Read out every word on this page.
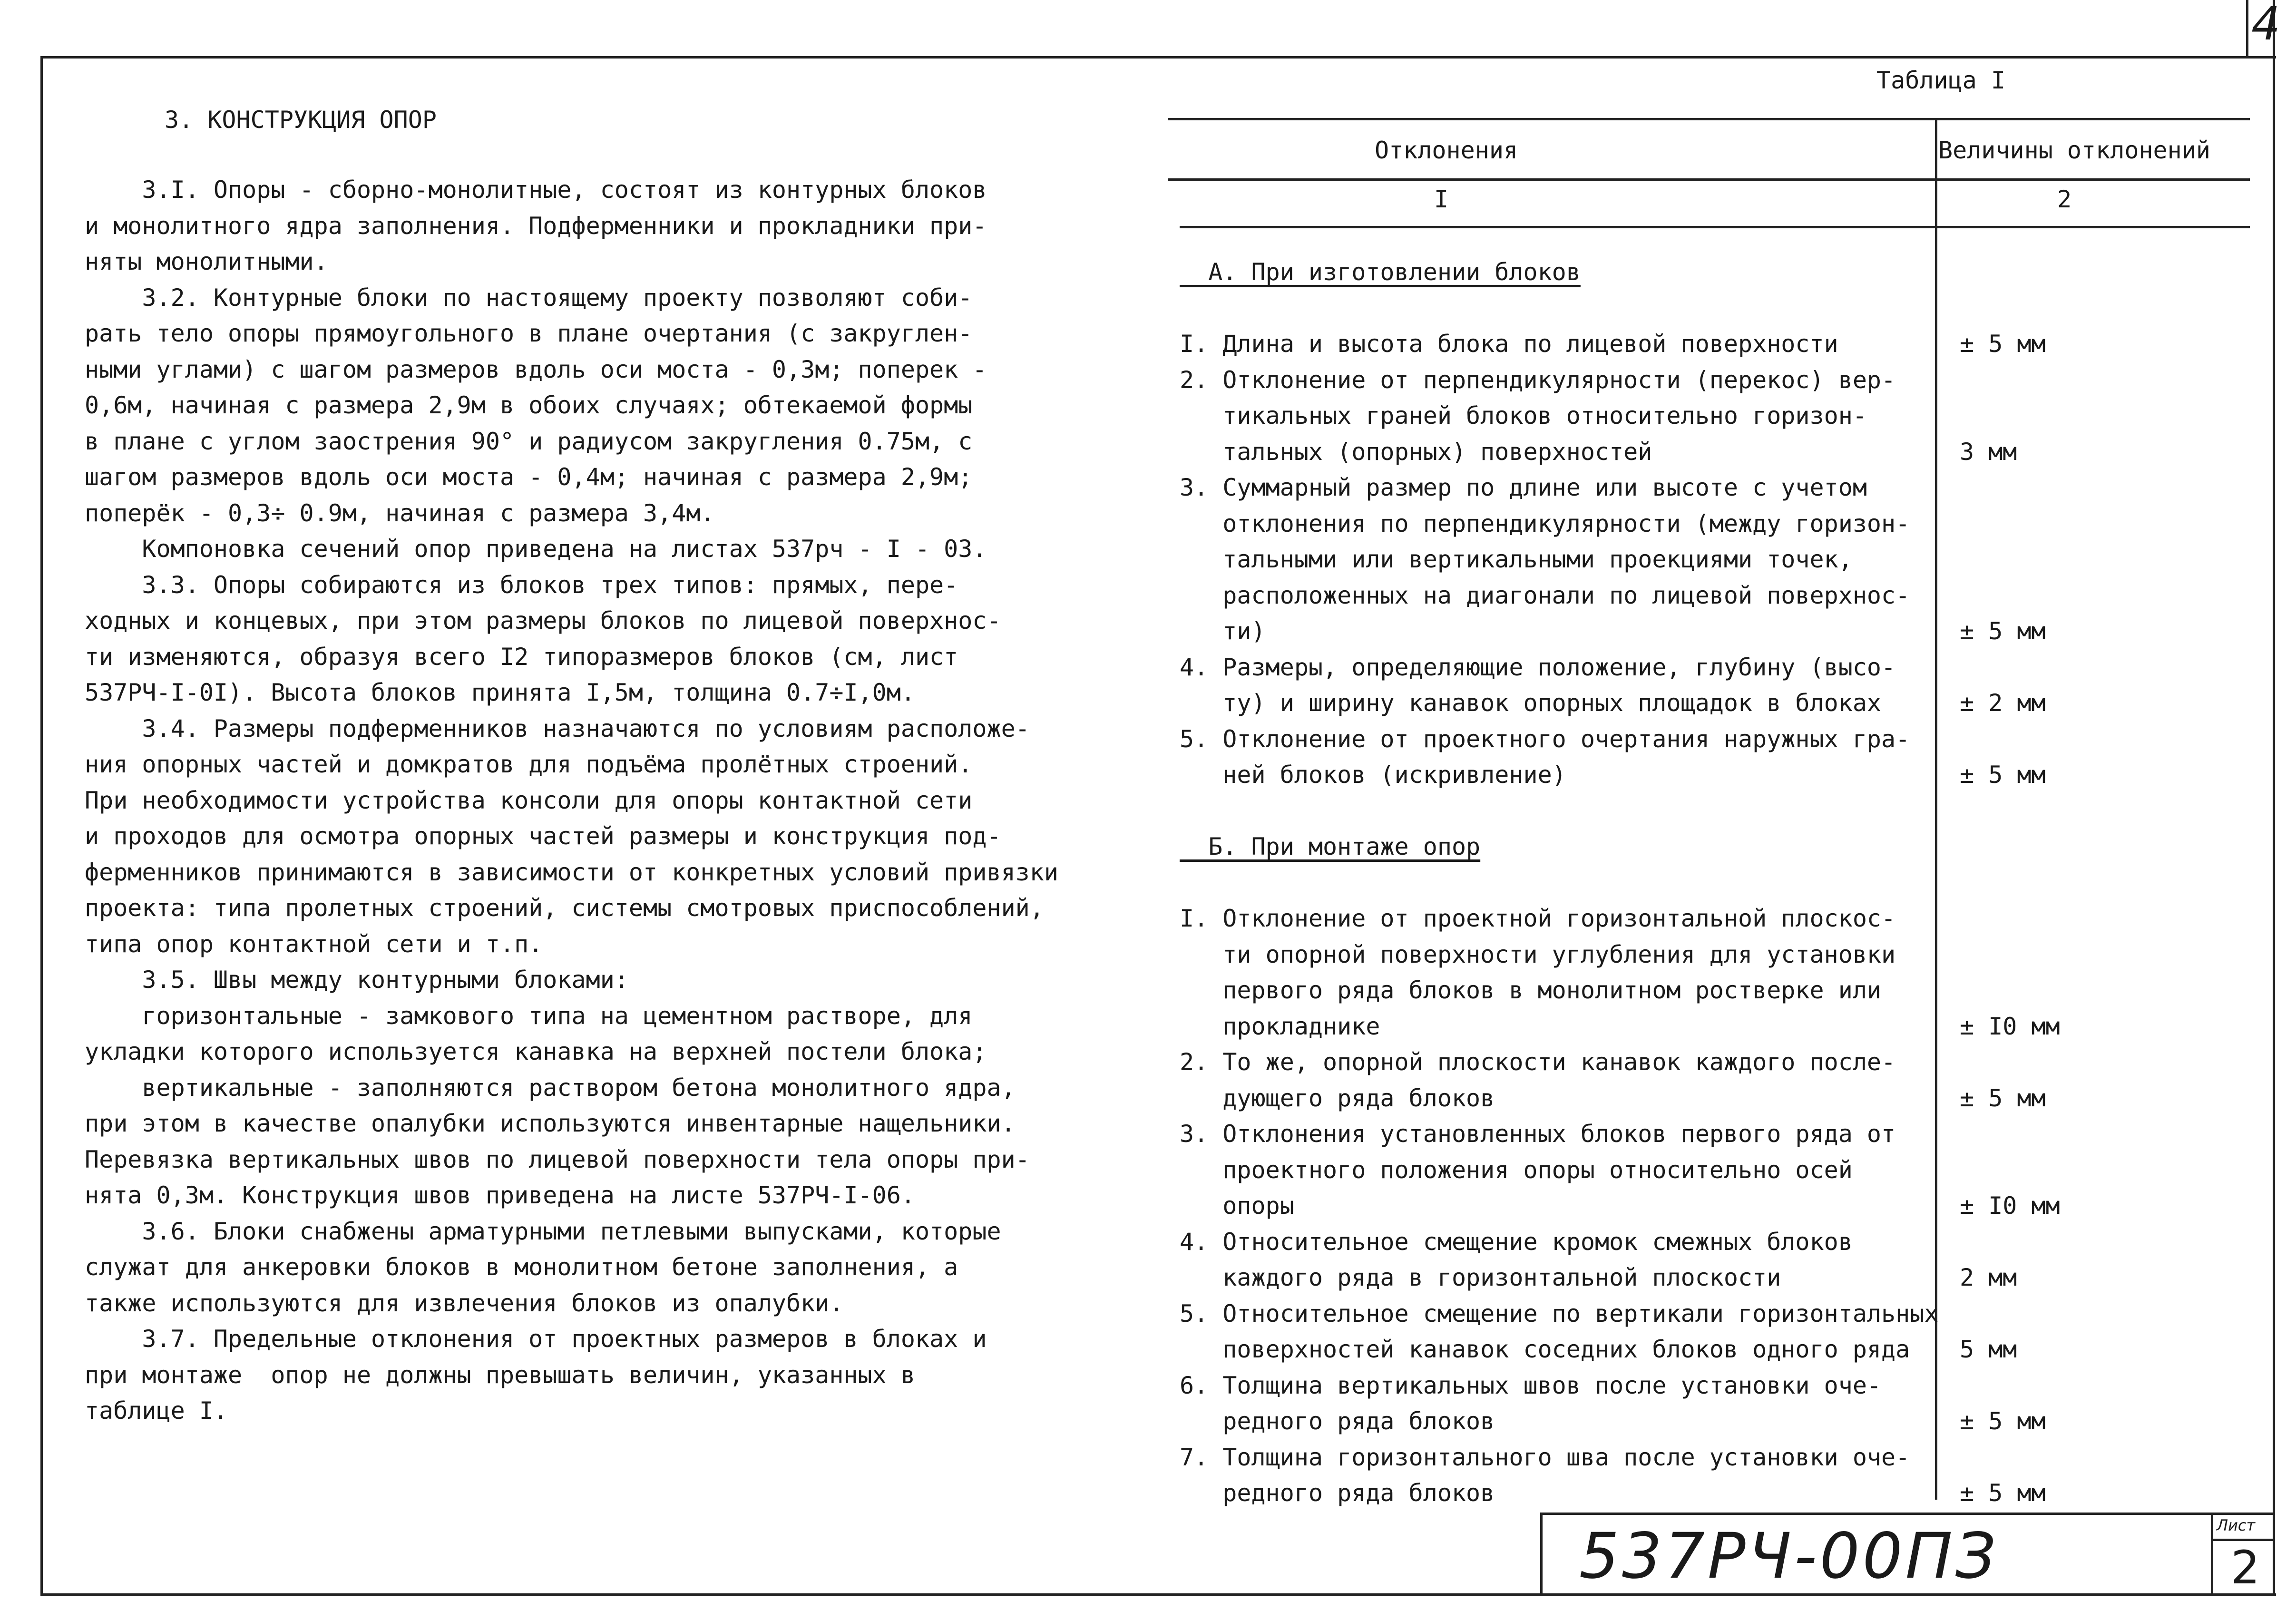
4
3. КОНСТРУКЦИЯ ОПОР
3.I. Опоры - сборно-монолитные, состоят из контурных блоков
и монолитного ядра заполнения. Подферменники и прокладники при-
няты монолитными.
3.2. Контурные блоки по настоящему проекту позволяют соби-
рать тело опоры прямоугольного в плане очертания (с закруглен-
ными углами) с шагом размеров вдоль оси моста - 0,3м; поперек -
0,6м, начиная с размера 2,9м в обоих случаях; обтекаемой формы
в плане с углом заострения 90° и радиусом закругления 0.75м, с
шагом размеров вдоль оси моста - 0,4м; начиная с размера 2,9м;
поперёк - 0,3÷ 0.9м, начиная с размера 3,4м.
Компоновка сечений опор приведена на листах 537рч - I - 03.
3.3. Опоры собираются из блоков трех типов: прямых, пере-
ходных и концевых, при этом размеры блоков по лицевой поверхнос-
ти изменяются, образуя всего I2 типоразмеров блоков (см, лист
537РЧ-I-0I). Высота блоков принята I,5м, толщина 0.7÷I,0м.
3.4. Размеры подферменников назначаются по условиям расположе-
ния опорных частей и домкратов для подъёма пролётных строений.
При необходимости устройства консоли для опоры контактной сети
и проходов для осмотра опорных частей размеры и конструкция под-
ферменников принимаются в зависимости от конкретных условий привязки
проекта: типа пролетных строений, системы смотровых приспособлений,
типа опор контактной сети и т.п.
3.5. Швы между контурными блоками:
горизонтальные - замкового типа на цементном растворе, для
укладки которого используется канавка на верхней постели блока;
вертикальные - заполняются раствором бетона монолитного ядра,
при этом в качестве опалубки используются инвентарные нащельники.
Перевязка вертикальных швов по лицевой поверхности тела опоры при-
нята 0,3м. Конструкция швов приведена на листе 537РЧ-I-06.
3.6. Блоки снабжены арматурными петлевыми выпусками, которые
служат для анкеровки блоков в монолитном бетоне заполнения, а
также используются для извлечения блоков из опалубки.
3.7. Предельные отклонения от проектных размеров в блоках и
при монтаже  опор не должны превышать величин, указанных в
таблице I.
Таблица I
Отклонения	Величины отклонений
I	2
А. При изготовлении блоков
I. Длина и высота блока по лицевой поверхности	± 5 мм
2. Отклонение от перпендикулярности (перекос) вер-
тикальных граней блоков относительно горизон-
тальных (опорных) поверхностей	3 мм
3. Суммарный размер по длине или высоте с учетом
отклонения по перпендикулярности (между горизон-
тальными или вертикальными проекциями точек,
расположенных на диагонали по лицевой поверхнос-
ти)	± 5 мм
4. Размеры, определяющие положение, глубину (высо-
ту) и ширину канавок опорных площадок в блоках	± 2 мм
5. Отклонение от проектного очертания наружных гра-
ней блоков (искривление)	± 5 мм
Б. При монтаже опор
I. Отклонение от проектной горизонтальной плоскос-
ти опорной поверхности углубления для установки
первого ряда блоков в монолитном ростверке или
прокладнике	± I0 мм
2. То же, опорной плоскости канавок каждого после-
дующего ряда блоков	± 5 мм
3. Отклонения установленных блоков первого ряда от
проектного положения опоры относительно осей
опоры	± I0 мм
4. Относительное смещение кромок смежных блоков
каждого ряда в горизонтальной плоскости	2 мм
5. Относительное смещение по вертикали горизонтальных
поверхностей канавок соседних блоков одного ряда 5 мм
6. Толщина вертикальных швов после установки оче-
редного ряда блоков	± 5 мм
7. Толщина горизонтального шва после установки оче-
редного ряда блоков	± 5 мм
537РЧ-00ПЗ	Лист
2
